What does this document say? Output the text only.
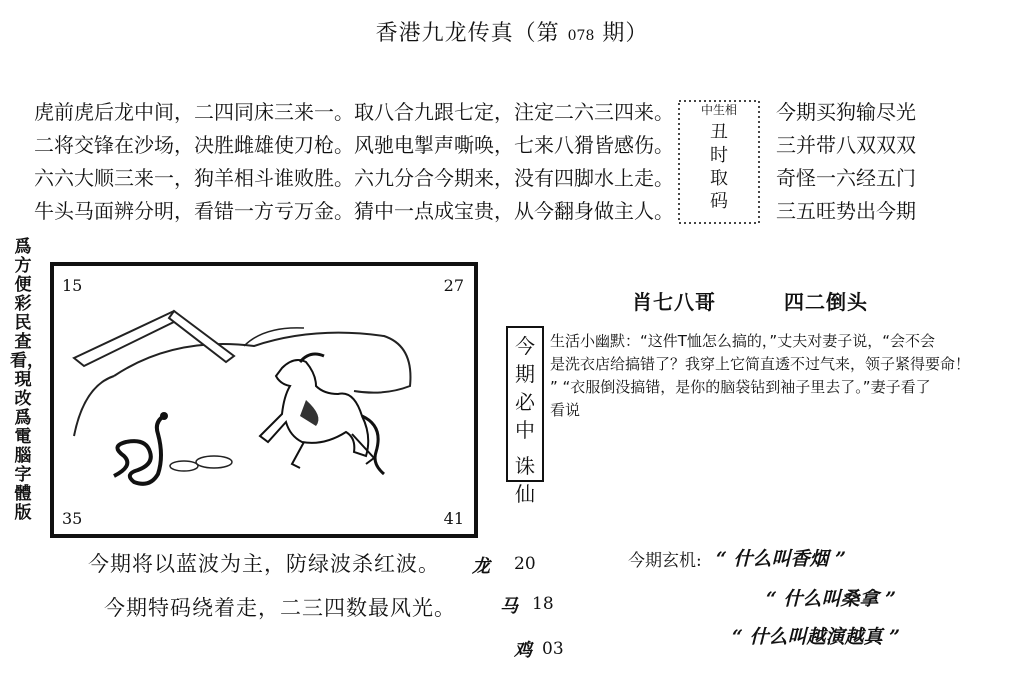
香港九龙传真（第 078 期）
虎前虎后龙中间，二四同床三来一。取八合九跟七定，注定二六三四来。
二将交锋在沙场，决胜雌雄使刀枪。风驰电掣声嘶唤，七来八猾皆感伤。
六六大顺三来一，狗羊相斗谁败胜。六九分合今期来，没有四脚水上走。
牛头马面辨分明，看错一方亏万金。猜中一点成宝贵，从今翻身做主人。
中生相
丑
时
取
码
今期买狗输尽光
三并带八双双双
奇怪一六经五门
三五旺势出今期
爲方便彩民查看，現改爲電腦字體版
15	27
35	41
肖七八哥	四二倒头
今
期
必
中
诛
仙
生活小幽默：“这件T恤怎么搞的，”丈夫对妻子说，“会不会
是洗衣店给搞错了？我穿上它简直透不过气来，领子紧得要命！
” “衣服倒没搞错，是你的脑袋钻到袖子里去了。”妻子看了
看说
今期将以蓝波为主，防绿波杀红波。
今期特码绕着走，二三四数最风光。
龙 20
马 18
鸡 03
今期玄机: “ 什么叫香烟 ”
“ 什么叫桑拿 ”
“ 什么叫越演越真 ”
